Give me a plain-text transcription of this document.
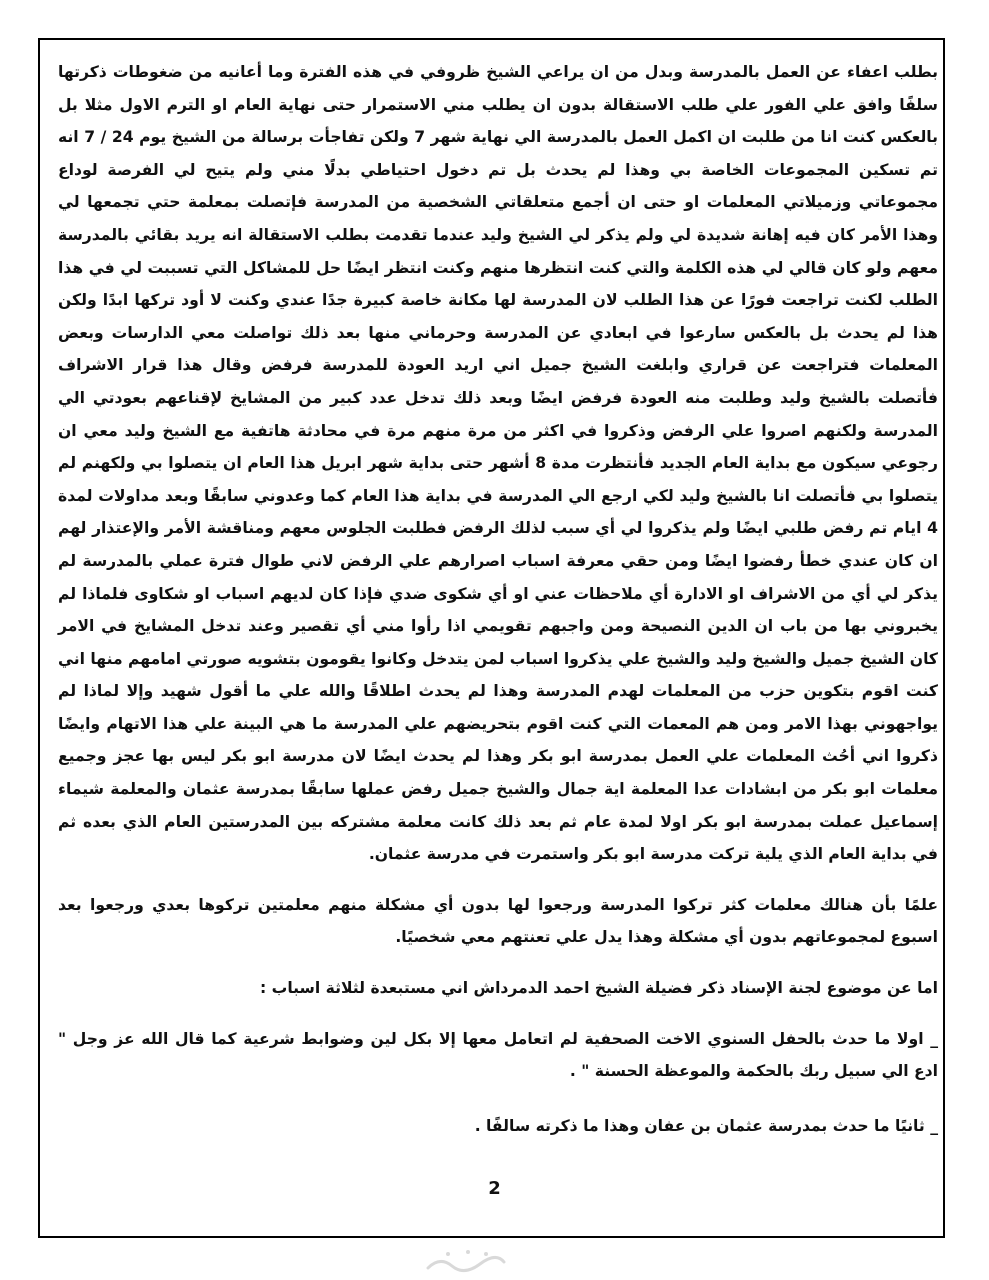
بطلب اعفاء عن العمل بالمدرسة وبدل من ان يراعي الشيخ ظروفي في هذه الفترة وما أعانيه من ضغوطات ذكرتها سلفًا وافق علي الفور علي طلب الاستقالة بدون ان يطلب مني الاستمرار حتى نهاية العام او الترم الاول مثلا بل بالعكس كنت انا من طلبت ان اكمل العمل بالمدرسة الي نهاية شهر 7 ولكن تفاجأت برسالة من الشيخ يوم 24 / 7 انه تم تسكين المجموعات الخاصة بي وهذا لم يحدث بل تم دخول احتياطي بدلًا مني ولم يتيح لي الفرصة لوداع مجموعاتي وزميلاتي المعلمات او حتى ان أجمع متعلقاتي الشخصية من المدرسة فإتصلت بمعلمة حتي تجمعها لي وهذا الأمر كان فيه إهانة شديدة لي ولم يذكر لي الشيخ وليد عندما تقدمت بطلب الاستقالة انه يريد بقائي بالمدرسة معهم ولو كان قالي لي هذه الكلمة والتي كنت انتظرها منهم وكنت انتظر ايضًا حل للمشاكل التي تسببت لي في هذا الطلب لكنت تراجعت فورًا عن هذا الطلب لان المدرسة لها مكانة خاصة كبيرة جدًا عندي وكنت لا أود تركها ابدًا ولكن هذا لم يحدث بل بالعكس سارعوا في ابعادي عن المدرسة وحرماني منها بعد ذلك تواصلت معي الدارسات وبعض المعلمات فتراجعت عن قراري وابلغت الشيخ جميل اني اريد العودة للمدرسة فرفض وقال هذا قرار الاشراف فأتصلت بالشيخ وليد وطلبت منه العودة فرفض ايضًا وبعد ذلك تدخل عدد كبير من المشايخ لإقناعهم بعودتي الي المدرسة ولكنهم اصروا علي الرفض وذكروا في اكثر من مرة منهم مرة في محادثة هاتفية مع الشيخ وليد معي ان رجوعي سيكون مع بداية العام الجديد فأنتظرت مدة 8 أشهر حتى بداية شهر ابريل هذا العام ان يتصلوا بي ولكهنم لم يتصلوا بي فأتصلت انا بالشيخ وليد لكي ارجع الي المدرسة في بداية هذا العام كما وعدوني سابقًا وبعد مداولات لمدة 4 ايام تم رفض طلبي ايضًا ولم يذكروا لي أي سبب لذلك الرفض فطلبت الجلوس معهم ومناقشة الأمر والإعتذار لهم ان كان عندي خطأ رفضوا ايضًا ومن حقي معرفة اسباب اصرارهم علي الرفض لاني طوال فترة عملي بالمدرسة لم يذكر لي أي من الاشراف او الادارة أي ملاحظات عني او أي شكوى ضدي فإذا كان لديهم اسباب او شكاوى فلماذا لم يخبروني بها من باب ان الدين النصيحة ومن واجبهم تقويمي اذا رأوا مني أي تقصير وعند تدخل المشايخ في الامر كان الشيخ جميل والشيخ وليد والشيخ علي يذكروا اسباب لمن يتدخل وكانوا يقومون بتشويه صورتي امامهم منها اني كنت اقوم بتكوين حزب من المعلمات لهدم المدرسة وهذا لم يحدث اطلاقًا والله علي ما أقول شهيد وإلا لماذا لم يواجهوني بهذا الامر ومن هم المعمات التي كنت اقوم بتحريضهم علي المدرسة ما هي البينة علي هذا الاتهام وايضًا ذكروا اني أحُث المعلمات علي العمل بمدرسة ابو بكر وهذا لم يحدث ايضًا لان مدرسة ابو بكر ليس بها عجز وجميع معلمات ابو بكر من ابشادات عدا المعلمة اية جمال والشيخ جميل رفض عملها سابقًا بمدرسة عثمان والمعلمة شيماء إسماعيل عملت بمدرسة ابو بكر اولا لمدة عام ثم بعد ذلك كانت معلمة مشتركه بين المدرستين العام الذي بعده ثم في بداية العام الذي يلية تركت مدرسة ابو بكر واستمرت في مدرسة عثمان.

علمًا بأن هنالك معلمات كثر تركوا المدرسة ورجعوا لها بدون أي مشكلة منهم معلمتين تركوها بعدي ورجعوا بعد اسبوع لمجموعاتهم بدون أي مشكلة وهذا يدل علي تعنتهم معي شخصيًا.

اما عن موضوع لجنة الإسناد ذكر فضيلة الشيخ احمد الدمرداش اني مستبعدة لثلاثة اسباب :

_ اولا ما حدث بالحفل السنوي الاخت الصحفية لم اتعامل معها إلا بكل لين وضوابط شرعية كما قال الله عز وجل " ادع الي سبيل ربك بالحكمة والموعظة الحسنة " .

_ ثانيًا ما حدث بمدرسة عثمان بن عفان وهذا ما ذكرته سالفًا .

2
